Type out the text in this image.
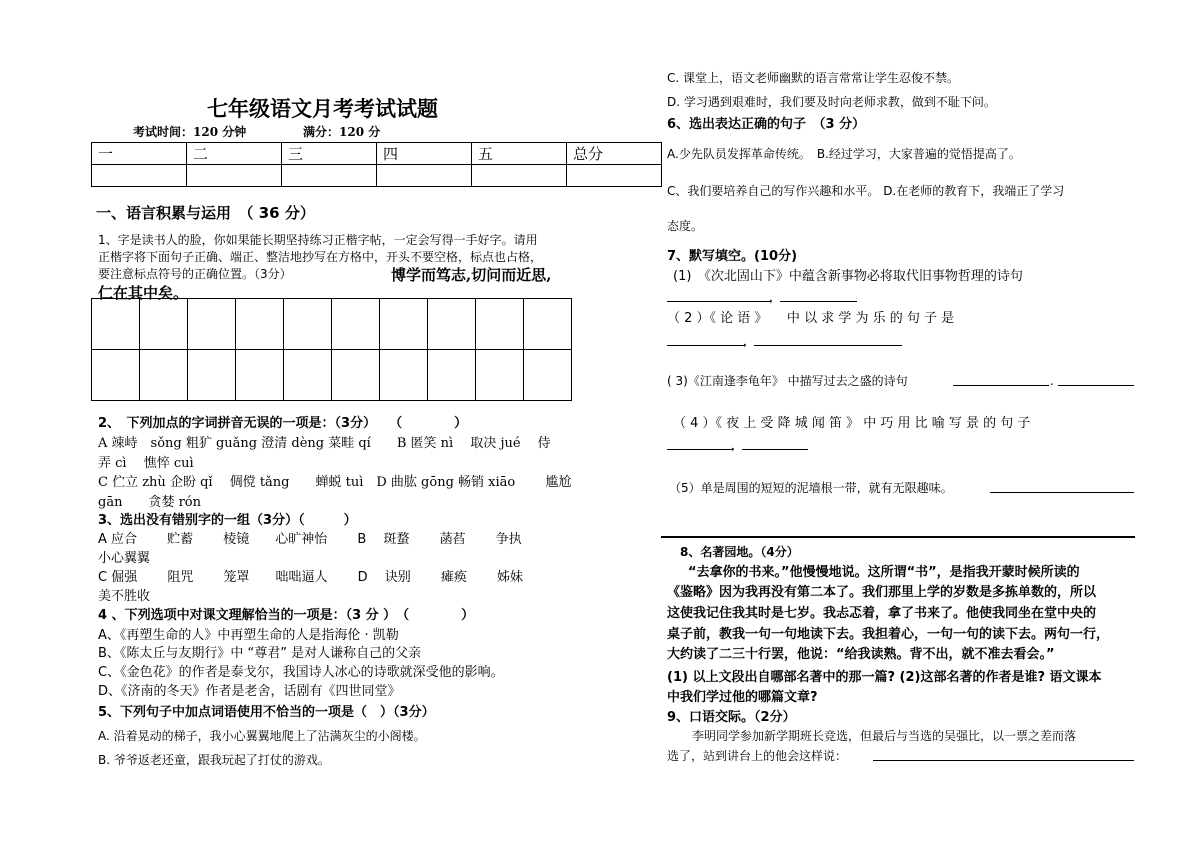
七年级语文月考考试试题
考试时间：120 分钟	满分：120 分
一	二	三	四	五	总分

一、语言积累与运用　（ 36 分）
1、字是读书人的脸，你如果能长期坚持练习正楷字帖，一定会写得一手好字。请用
正楷字将下面句子正确、端正、整洁地抄写在方格中，开头不要空格，标点也占格，
要注意标点符号的正确位置。（3分）	博学而笃志,切问而近思,
仁在其中矣。

2、　下列加点的字词拼音无误的一项是：（3分）　　（　　　　）
A 竦峙　sǒng 粗犷 guǎng 澄清 dèng 菜畦 qí　　B 匿笑 nì　 取决 jué　 侍
弄 cì　 憔悴 cuì
C 伫立 zhù 企盼 qǐ　 倜傥 tǎng　　蝉蜕 tuì　D 曲肱 gōng 畅销 xiāo　　 尴尬
gān　　贪婪 rón
3、选出没有错别字的一组（3分）（　　　）
A 应合　　 贮蓄　　 棱镜　　心旷神怡　　 B　 斑蝥　　 菡萏　　 争执
小心翼翼
C 倔强　　 阻咒　　 笼罩　　咄咄逼人　　 D　 诀别　　 瘫痪　　 姊妹
美不胜收
4 、下列选项中对课文理解恰当的一项是：（3 分 ）　（　　　　）
A、《再塑生命的人》中再塑生命的人是指海伦 · 凯勒
B、《陈太丘与友期行》中 “尊君” 是对人谦称自己的父亲
C、《金色花》的作者是泰戈尔，我国诗人冰心的诗歌就深受他的影响。
D、《济南的冬天》作者是老舍，话剧有《四世同堂》
5、下列句子中加点词语使用不恰当的一项是（　）（3分）
A. 沿着晃动的梯子，我小心翼翼地爬上了沾满灰尘的小阁楼。
B. 爷爷返老还童，跟我玩起了打仗的游戏。
C. 课堂上，语文老师幽默的语言常常让学生忍俊不禁。
D. 学习遇到艰难时，我们要及时向老师求教，做到不耻下问。
6、选出表达正确的句子　（3 分）
A.少先队员发挥革命传统。　B.经过学习，大家普遍的觉悟提高了。
C、我们要培养自己的写作兴趣和水平。 D.在老师的教育下，我端正了学习
态度。
7、默写填空。(10分)
(1)　《次北固山下》中蕴含新事物必将取代旧事物哲理的诗句
，
（ 2 ）《 论 语 》　　中 以 求 学 为 乐 的 句 子 是
，
( 3)《江南逢李龟年》 中描写过去之盛的诗句	.
（ 4 ）《 夜 上 受 降 城 闻 笛 》 中 巧 用 比 喻 写 景 的 句 子
，
（5）单是周围的短短的泥墙根一带，就有无限趣味。
8、名著园地。（4分）
“去拿你的书来。”他慢慢地说。这所谓“书”，是指我开蒙时候所读的
《鉴略》因为我再没有第二本了。我们那里上学的岁数是多拣单数的，所以
这使我记住我其时是七岁。我忐忑着，拿了书来了。他使我同坐在堂中央的
桌子前，教我一句一句地读下去。我担着心，一句一句的读下去。两句一行，
大约读了二三十行罢，他说：“给我读熟。背不出，就不准去看会。”
(1) 以上文段出自哪部名著中的那一篇? (2)这部名著的作者是谁? 语文课本
中我们学过他的哪篇文章?
9、口语交际。（2分）
李明同学参加新学期班长竞选，但最后与当选的吴强比，以一票之差而落
选了，站到讲台上的他会这样说：
